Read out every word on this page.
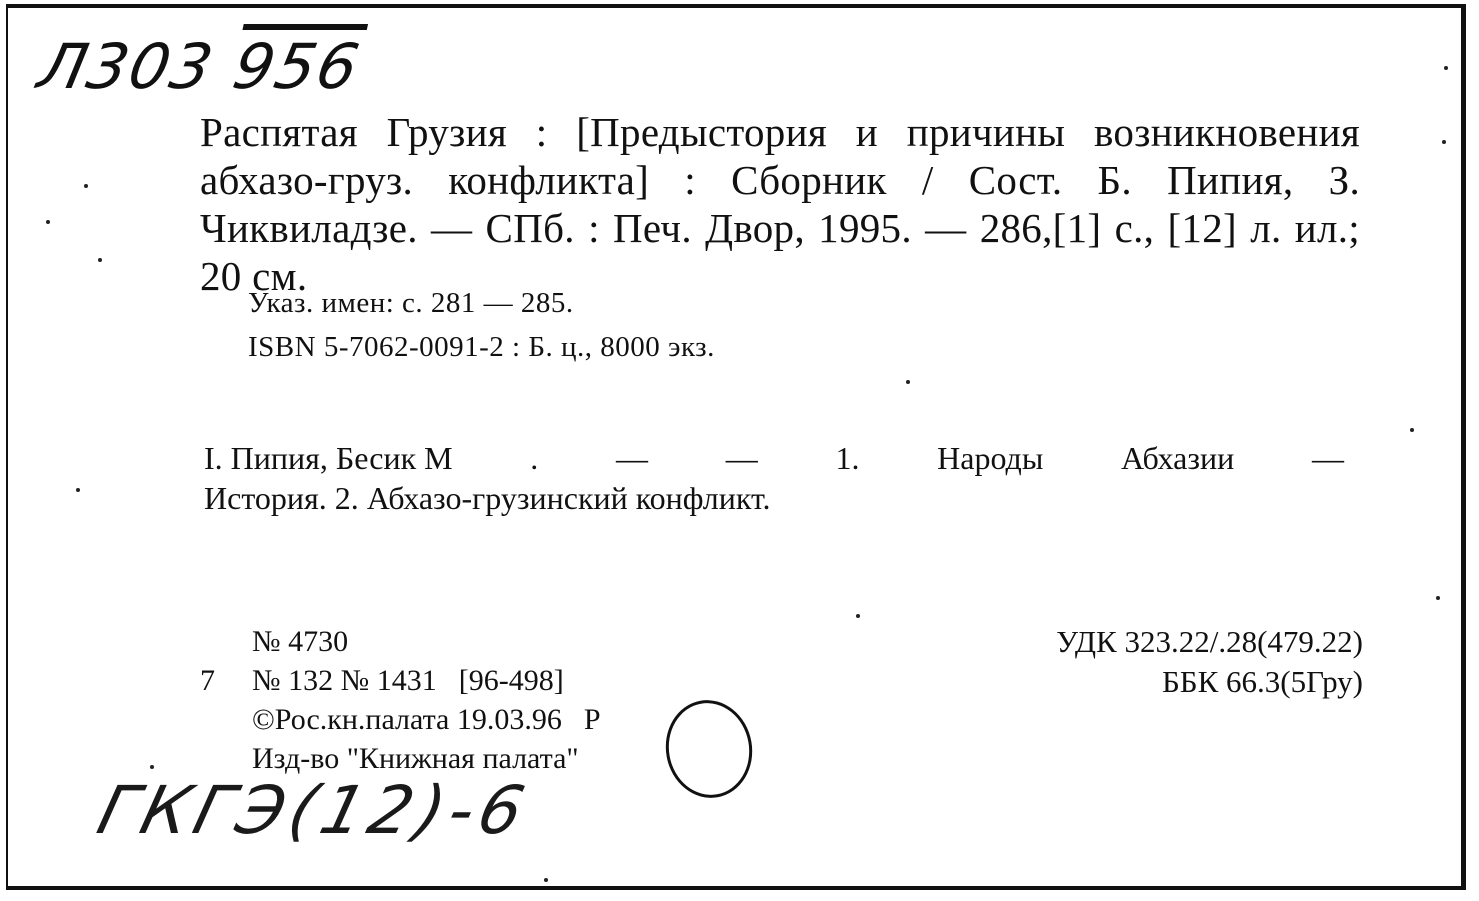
Л303 956
Распятая Грузия : [Предыстория и причины возникновения абхазо-груз. конфликта] : Сборник / Сост. Б. Пипия, З. Чиквиладзе. — СПб. : Печ. Двор, 1995. — 286,[1] с., [12] л. ил.; 20 см.
Указ. имен: с. 281 — 285.
ISBN 5-7062-0091-2 : Б. ц., 8000 экз.
I. Пипия, Бесик М . — — 1. Народы Абхазии —
История. 2. Абхазо-грузинский конфликт.
№ 4730
7	№ 132 № 1431 [96-498]
©Рос.кн.палата 19.03.96 Р
Изд-во "Книжная палата"
УДК 323.22/.28(479.22)
ББК 66.3(5Гру)
ГКГЭ(12)-6
